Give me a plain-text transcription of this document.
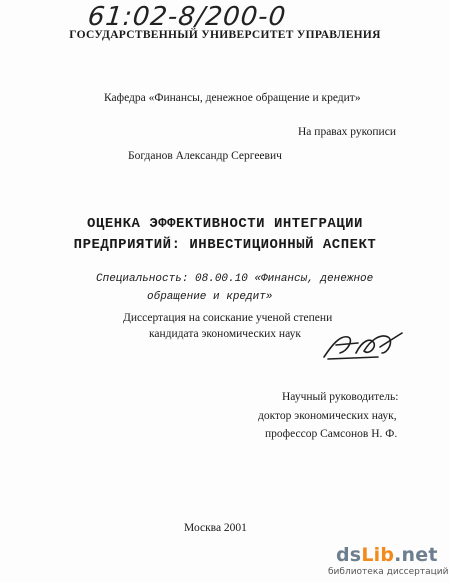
61:02-8/200-0
ГОСУДАРСТВЕННЫЙ УНИВЕРСИТЕТ УПРАВЛЕНИЯ
Кафедра «Финансы, денежное обращение и кредит»
На правах рукописи
Богданов Александр Сергеевич
ОЦЕНКА ЭФФЕКТИВНОСТИ ИНТЕГРАЦИИ
ПРЕДПРИЯТИЙ: ИНВЕСТИЦИОННЫЙ АСПЕКТ
Специальность: 08.00.10 «Финансы, денежное
обращение и кредит»
Диссертация на соискание ученой степени
кандидата экономических наук
Научный руководитель:
доктор экономических наук,
профессор Самсонов Н. Ф.
Москва 2001
dsLib.net
библиотека диссертаций
